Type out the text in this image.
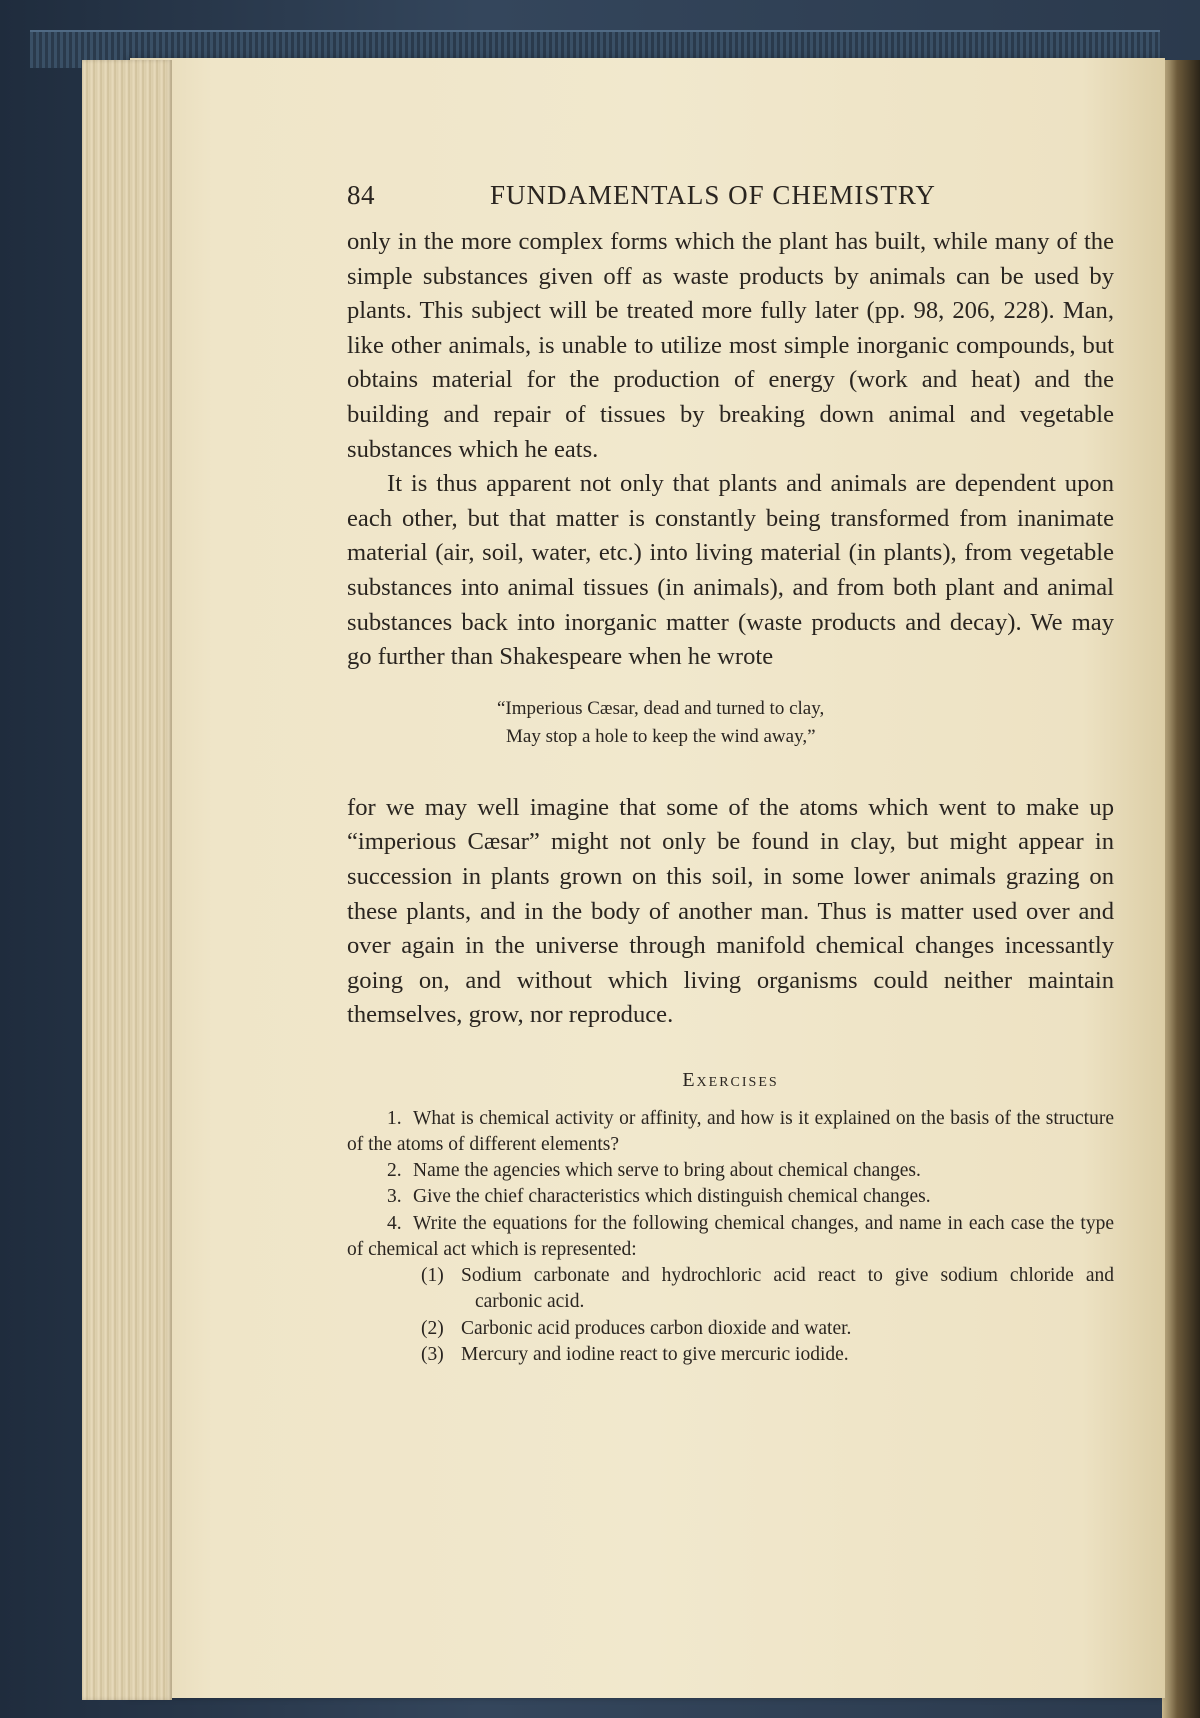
84	FUNDAMENTALS OF CHEMISTRY

only in the more complex forms which the plant has built, while many of the simple substances given off as waste products by animals can be used by plants. This subject will be treated more fully later (pp. 98, 206, 228). Man, like other animals, is unable to utilize most simple inorganic compounds, but obtains material for the production of energy (work and heat) and the building and repair of tissues by breaking down animal and vegetable substances which he eats.

It is thus apparent not only that plants and animals are dependent upon each other, but that matter is constantly being transformed from inanimate material (air, soil, water, etc.) into living material (in plants), from vegetable substances into animal tissues (in animals), and from both plant and animal substances back into inorganic matter (waste products and decay). We may go further than Shakespeare when he wrote

“Imperious Cæsar, dead and turned to clay,
May stop a hole to keep the wind away,”

for we may well imagine that some of the atoms which went to make up “imperious Cæsar” might not only be found in clay, but might appear in succession in plants grown on this soil, in some lower animals grazing on these plants, and in the body of another man. Thus is matter used over and over again in the universe through manifold chemical changes incessantly going on, and without which living organisms could neither maintain themselves, grow, nor reproduce.

Exercises

1. What is chemical activity or affinity, and how is it explained on the basis of the structure of the atoms of different elements?

2. Name the agencies which serve to bring about chemical changes.

3. Give the chief characteristics which distinguish chemical changes.

4. Write the equations for the following chemical changes, and name in each case the type of chemical act which is represented:

(1) Sodium carbonate and hydrochloric acid react to give sodium chloride and carbonic acid.

(2) Carbonic acid produces carbon dioxide and water.

(3) Mercury and iodine react to give mercuric iodide.
